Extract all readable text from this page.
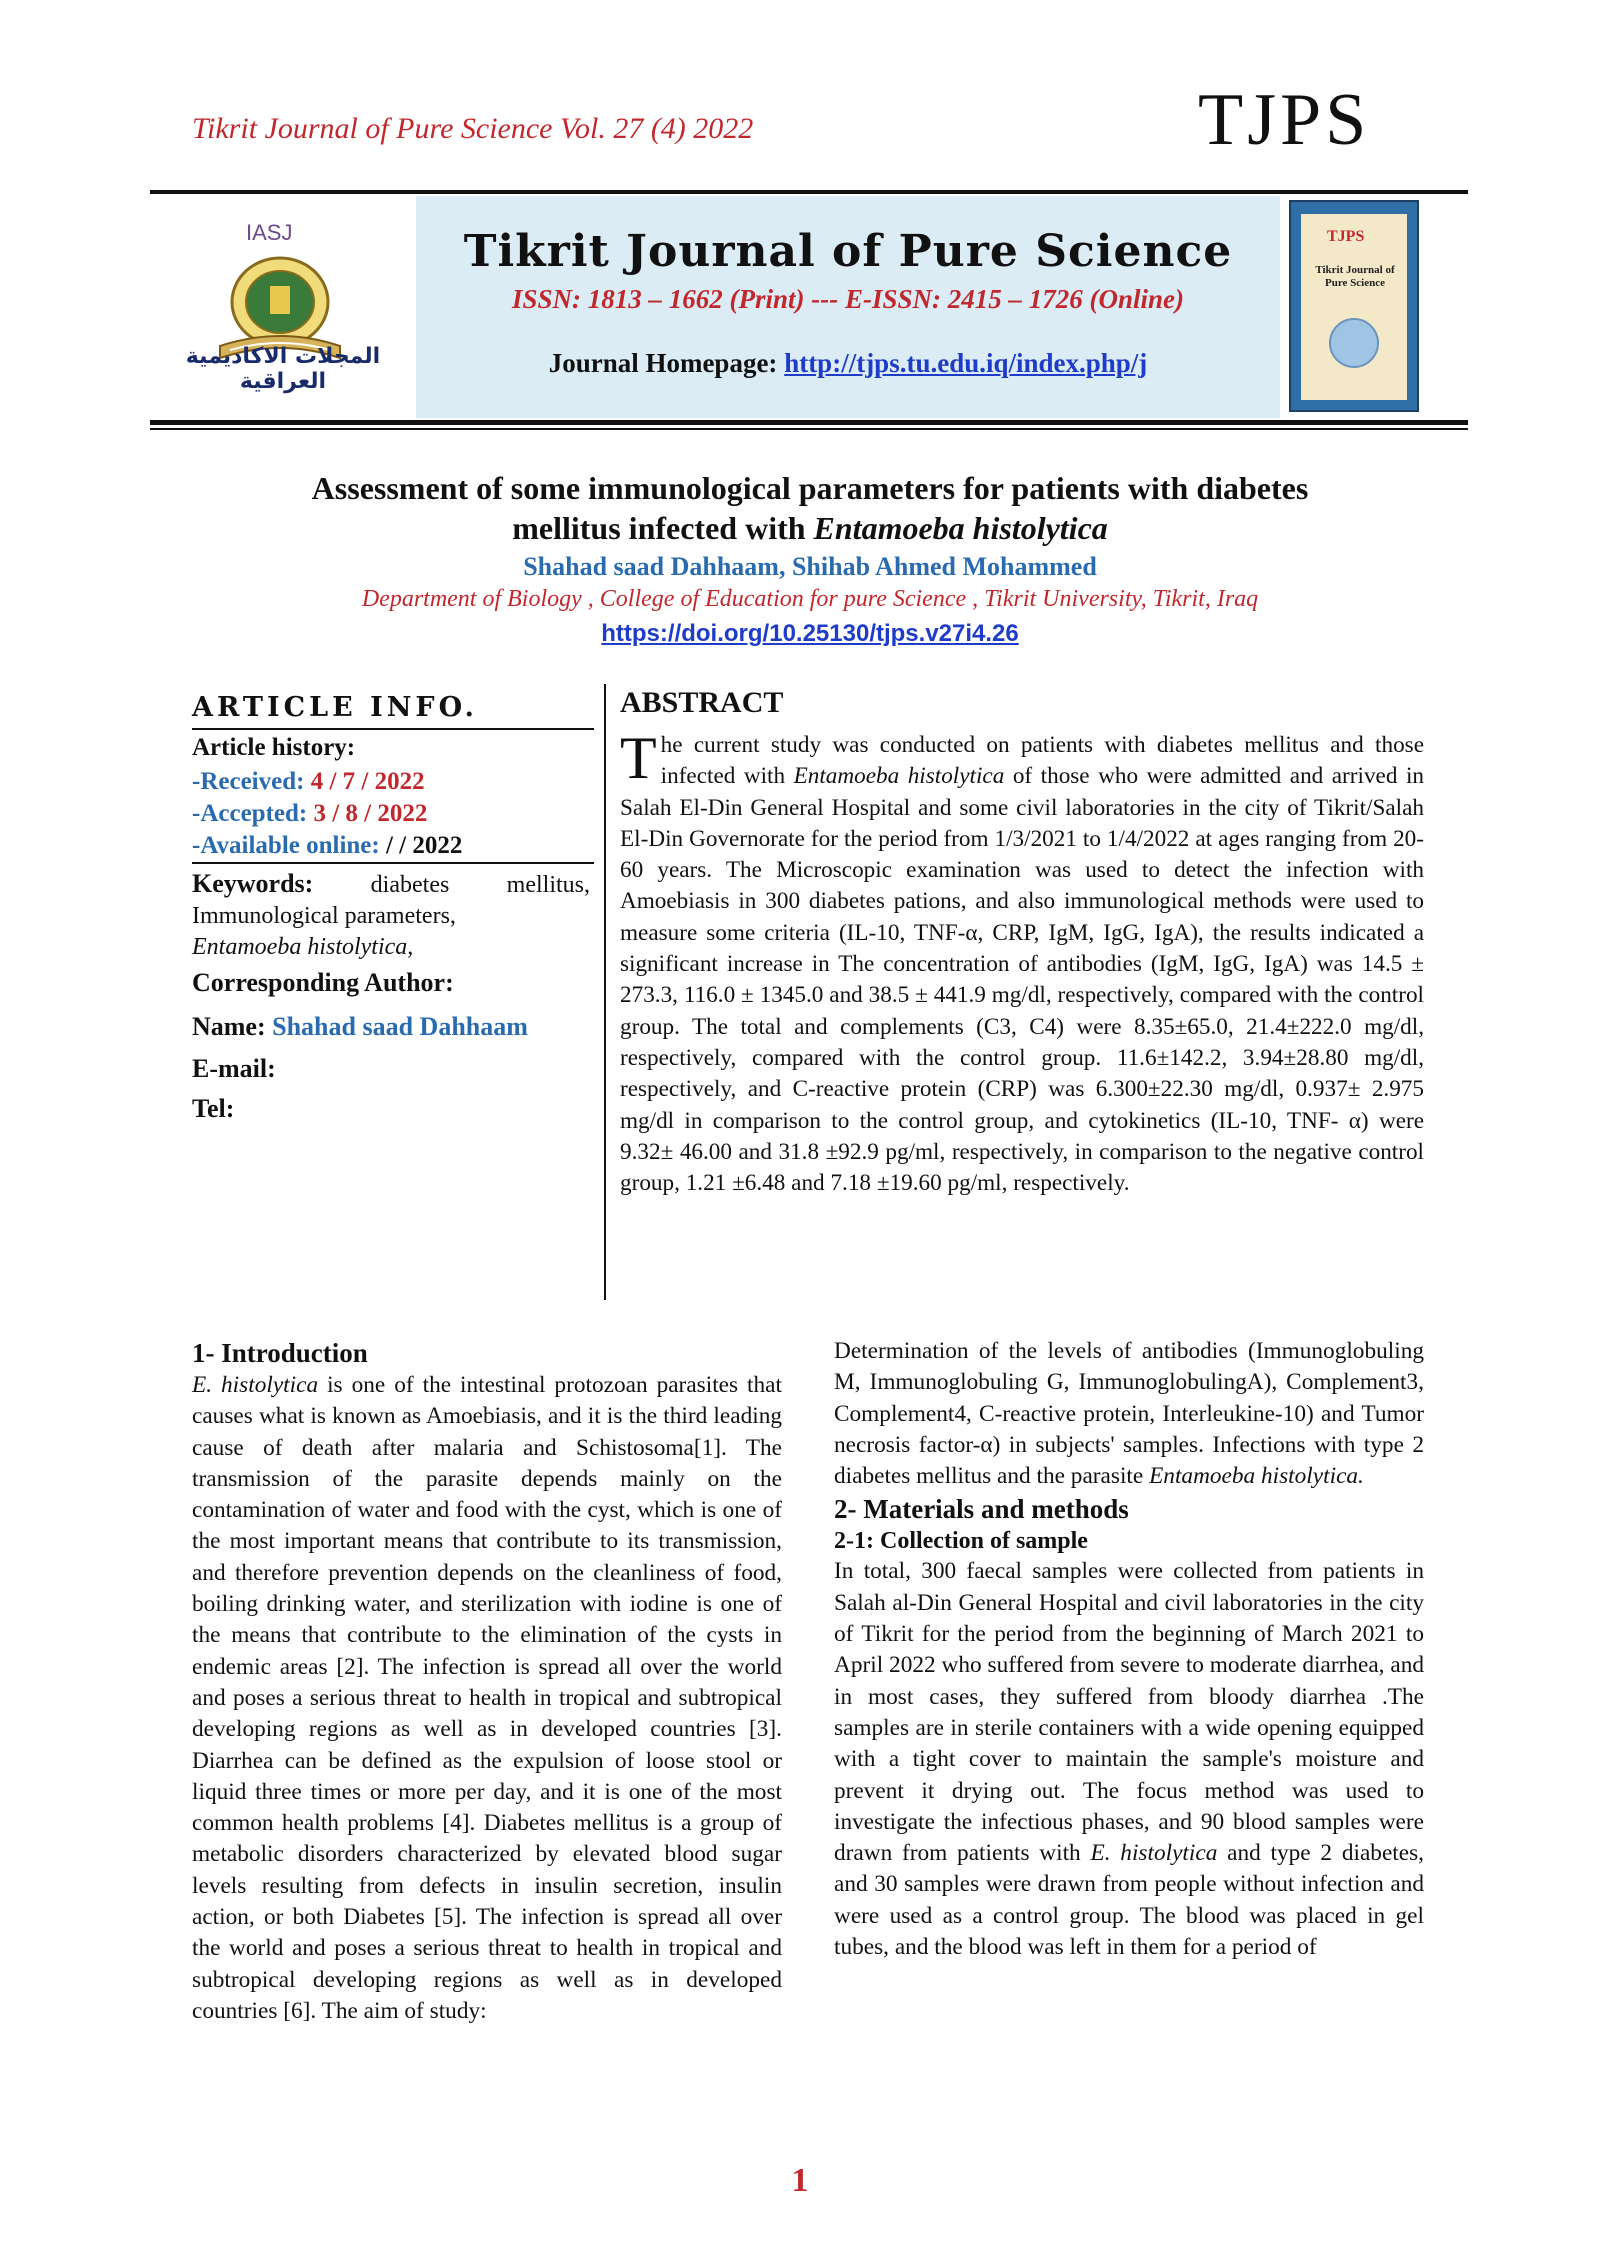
Tikrit Journal of Pure Science Vol. 27 (4) 2022	TJPS
IASJ
المجلات الاكاديمية العراقية
Tikrit Journal of Pure Science
ISSN: 1813 – 1662 (Print) --- E-ISSN: 2415 – 1726 (Online)
Journal Homepage: http://tjps.tu.edu.iq/index.php/j
TJPS
Tikrit Journal of Pure Science
Assessment of some immunological parameters for patients with diabetes
mellitus infected with Entamoeba histolytica
Shahad saad Dahhaam, Shihab Ahmed Mohammed
Department of Biology , College of Education for pure Science , Tikrit University, Tikrit, Iraq
https://doi.org/10.25130/tjps.v27i4.26
ARTICLE INFO.
Article history:
-Received: 4 / 7 / 2022
-Accepted: 3 / 8 / 2022
-Available online: / / 2022
Keywords: diabetes mellitus, Immunological parameters,
Entamoeba histolytica,
Corresponding Author:
Name: Shahad saad Dahhaam
E-mail:
Tel:
ABSTRACT
The current study was conducted on patients with diabetes mellitus and those infected with Entamoeba histolytica of those who were admitted and arrived in Salah El-Din General Hospital and some civil laboratories in the city of Tikrit/Salah El-Din Governorate for the period from 1/3/2021 to 1/4/2022 at ages ranging from 20-60 years. The Microscopic examination was used to detect the infection with Amoebiasis in 300 diabetes pations, and also immunological methods were used to measure some criteria (IL-10, TNF-α, CRP, IgM, IgG, IgA), the results indicated a significant increase in The concentration of antibodies (IgM, IgG, IgA) was 14.5 ± 273.3, 116.0 ± 1345.0 and 38.5 ± 441.9 mg/dl, respectively, compared with the control group. The total and complements (C3, C4) were 8.35±65.0, 21.4±222.0 mg/dl, respectively, compared with the control group. 11.6±142.2, 3.94±28.80 mg/dl, respectively, and C-reactive protein (CRP) was 6.300±22.30 mg/dl, 0.937± 2.975 mg/dl in comparison to the control group, and cytokinetics (IL-10, TNF- α) were 9.32± 46.00 and 31.8 ±92.9 pg/ml, respectively, in comparison to the negative control group, 1.21 ±6.48 and 7.18 ±19.60 pg/ml, respectively.
1- Introduction
E. histolytica is one of the intestinal protozoan parasites that causes what is known as Amoebiasis, and it is the third leading cause of death after malaria and Schistosoma[1]. The transmission of the parasite depends mainly on the contamination of water and food with the cyst, which is one of the most important means that contribute to its transmission, and therefore prevention depends on the cleanliness of food, boiling drinking water, and sterilization with iodine is one of the means that contribute to the elimination of the cysts in endemic areas [2]. The infection is spread all over the world and poses a serious threat to health in tropical and subtropical developing regions as well as in developed countries [3]. Diarrhea can be defined as the expulsion of loose stool or liquid three times or more per day, and it is one of the most common health problems [4]. Diabetes mellitus is a group of metabolic disorders characterized by elevated blood sugar levels resulting from defects in insulin secretion, insulin action, or both Diabetes [5]. The infection is spread all over the world and poses a serious threat to health in tropical and subtropical developing regions as well as in developed countries [6]. The aim of study:
Determination of the levels of antibodies (Immunoglobuling M, Immunoglobuling G, ImmunoglobulingA), Complement3, Complement4, C-reactive protein, Interleukine-10) and Tumor necrosis factor-α) in subjects' samples. Infections with type 2 diabetes mellitus and the parasite Entamoeba histolytica.
2- Materials and methods
2-1: Collection of sample
In total, 300 faecal samples were collected from patients in Salah al-Din General Hospital and civil laboratories in the city of Tikrit for the period from the beginning of March 2021 to April 2022 who suffered from severe to moderate diarrhea, and in most cases, they suffered from bloody diarrhea .The samples are in sterile containers with a wide opening equipped with a tight cover to maintain the sample's moisture and prevent it drying out. The focus method was used to investigate the infectious phases, and 90 blood samples were drawn from patients with E. histolytica and type 2 diabetes, and 30 samples were drawn from people without infection and were used as a control group. The blood was placed in gel tubes, and the blood was left in them for a period of
1
